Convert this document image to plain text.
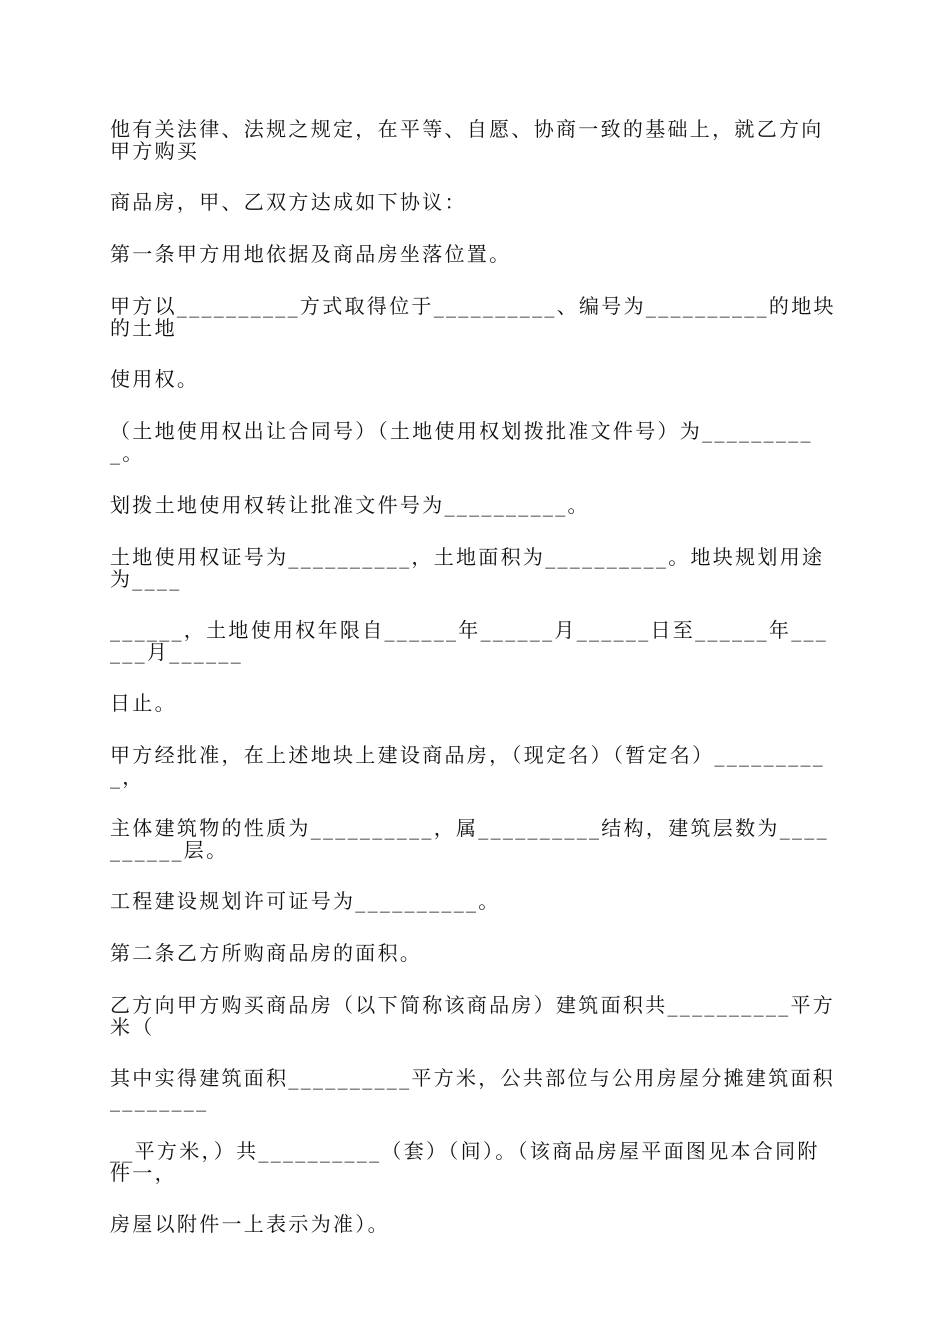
他有关法律、法规之规定，在平等、自愿、协商一致的基础上，就乙方向甲方购买

商品房，甲、乙双方达成如下协议：

第一条甲方用地依据及商品房坐落位置。

甲方以__________方式取得位于__________、编号为__________的地块的土地

使用权。

（土地使用权出让合同号）（土地使用权划拨批准文件号）为__________。

划拨土地使用权转让批准文件号为__________。

土地使用权证号为__________，土地面积为__________。地块规划用途为____

______，土地使用权年限自______年______月______日至______年______月______

日止。

甲方经批准，在上述地块上建设商品房，（现定名）（暂定名）__________，

主体建筑物的性质为__________，属__________结构，建筑层数为__________层。

工程建设规划许可证号为__________。

第二条乙方所购商品房的面积。

乙方向甲方购买商品房（以下简称该商品房）建筑面积共__________平方米（

其中实得建筑面积__________平方米，公共部位与公用房屋分摊建筑面积________

__平方米，）共__________（套）（间）。（该商品房屋平面图见本合同附件一，

房屋以附件一上表示为准）。
